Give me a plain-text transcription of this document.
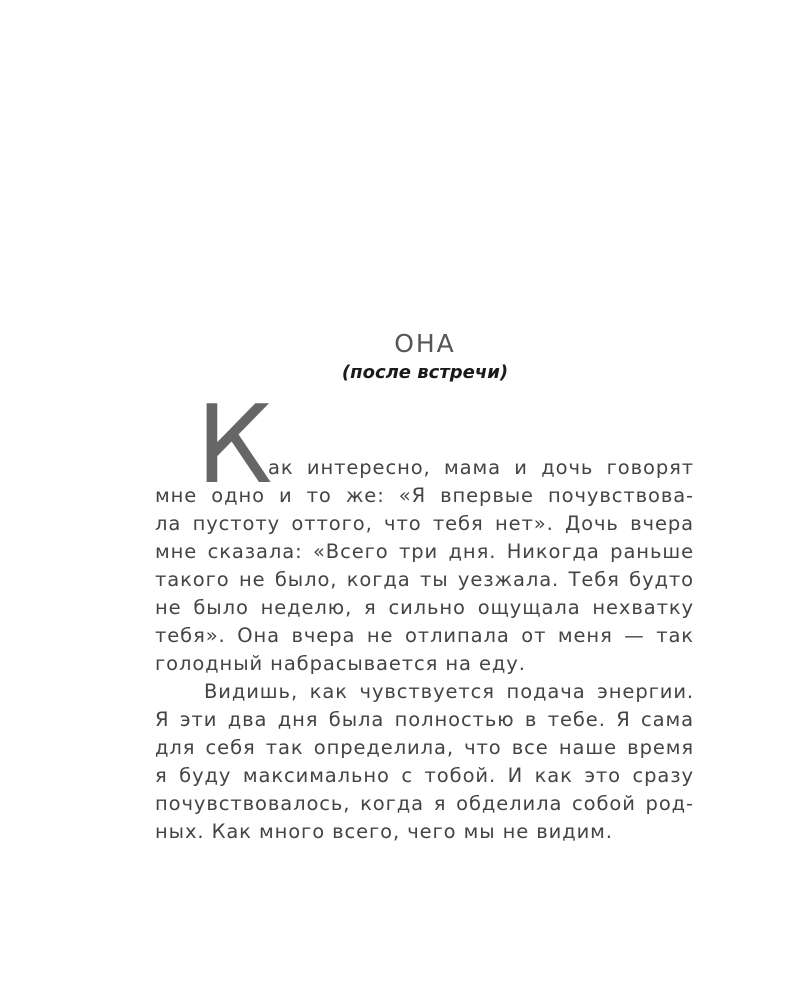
ОНА
(после встречи)
К
ак интересно, мама и дочь говорят
мне одно и то же: «Я впервые почувствова-
ла пустоту оттого, что тебя нет». Дочь вчера
мне сказала: «Всего три дня. Никогда раньше
такого не было, когда ты уезжала. Тебя будто
не было неделю, я сильно ощущала нехватку
тебя». Она вчера не отлипала от меня — так
голодный набрасывается на еду.
Видишь, как чувствуется подача энергии.
Я эти два дня была полностью в тебе. Я сама
для себя так определила, что все наше время
я буду максимально с тобой. И как это сразу
почувствовалось, когда я обделила собой род-
ных. Как много всего, чего мы не видим.
